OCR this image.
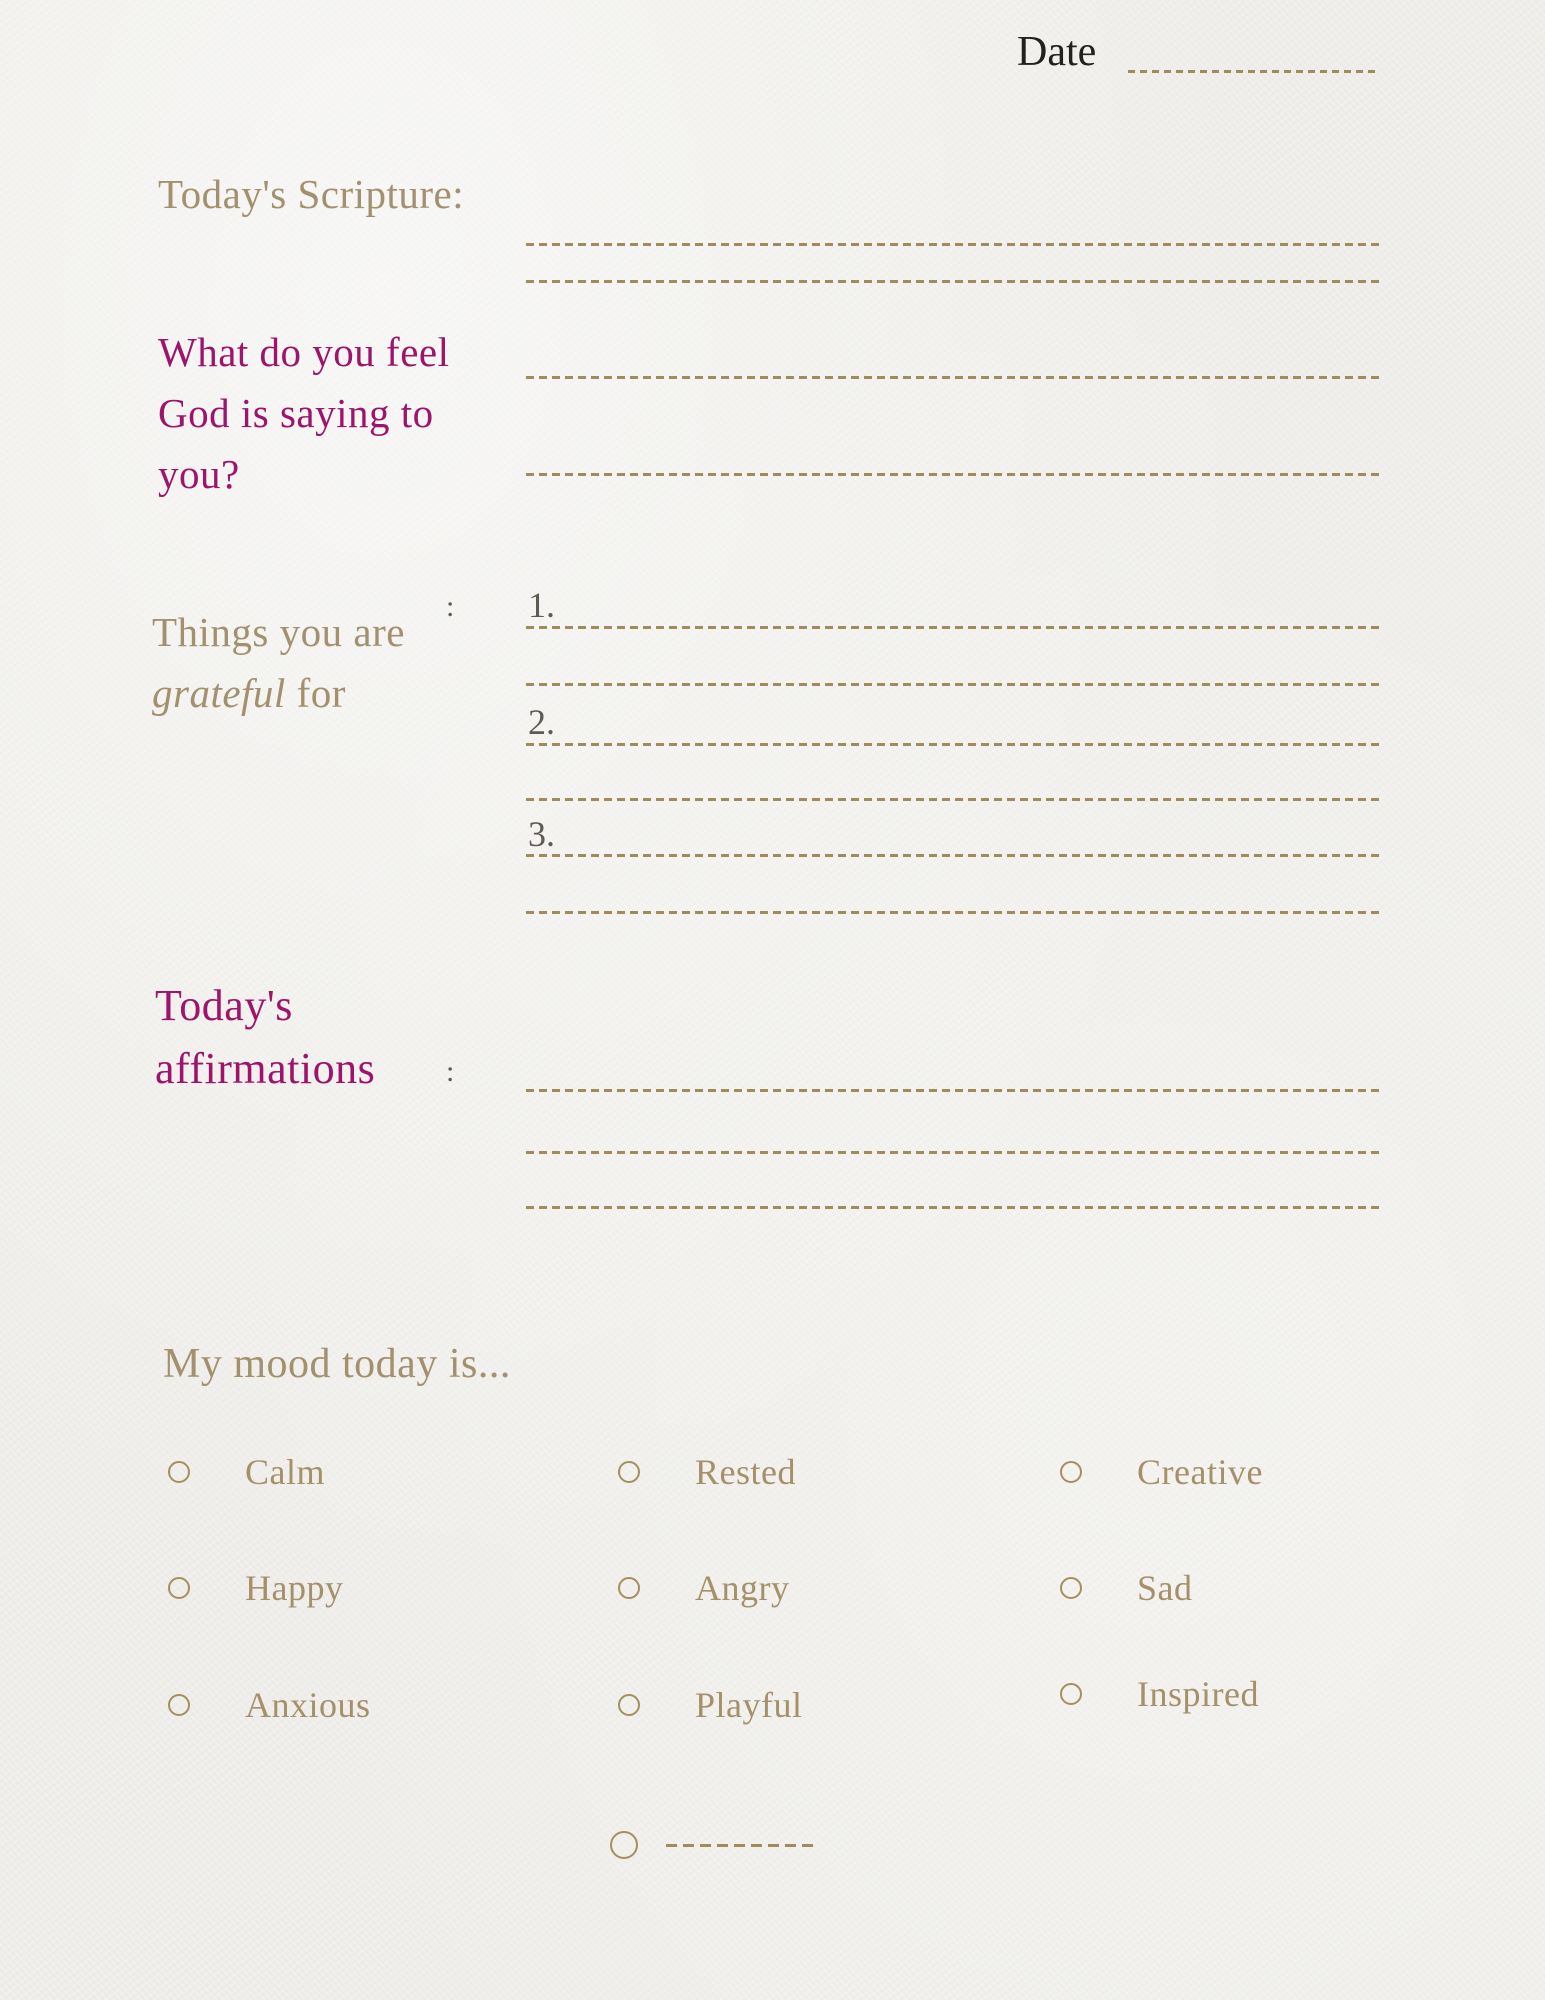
Date
Today's Scripture:
What do you feel
God is saying to
you?
:
Things you are
grateful for
1.
2.
3.
Today's
affirmations :
My mood today is...
Calm	Rested	Creative
Happy	Angry	Sad
Anxious	Playful	Inspired
